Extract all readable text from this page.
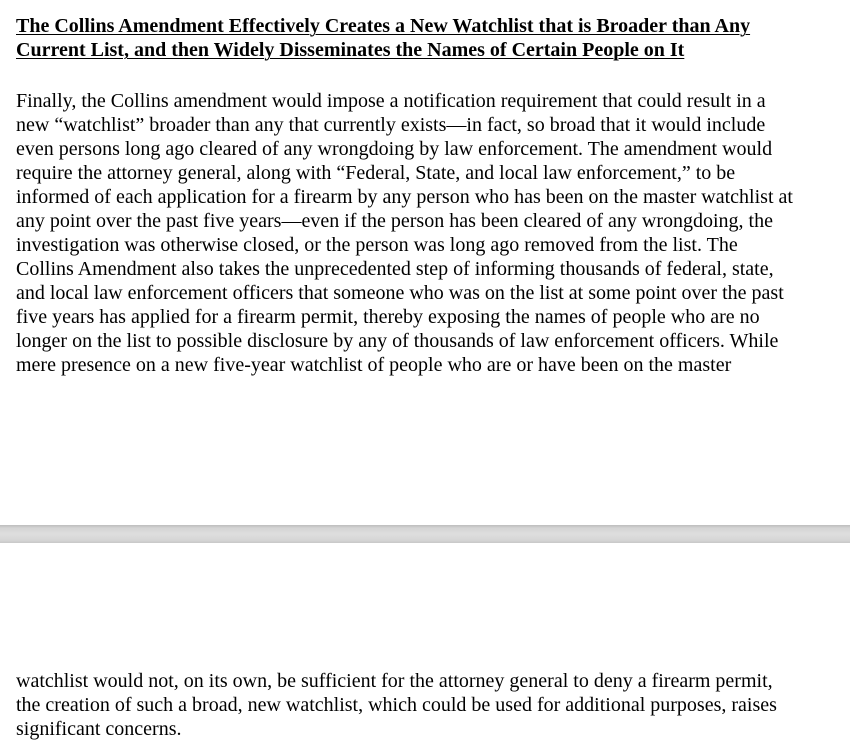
The Collins Amendment Effectively Creates a New Watchlist that is Broader than Any
Current List, and then Widely Disseminates the Names of Certain People on It

Finally, the Collins amendment would impose a notification requirement that could result in a
new “watchlist” broader than any that currently exists—in fact, so broad that it would include
even persons long ago cleared of any wrongdoing by law enforcement. The amendment would
require the attorney general, along with “Federal, State, and local law enforcement,” to be
informed of each application for a firearm by any person who has been on the master watchlist at
any point over the past five years—even if the person has been cleared of any wrongdoing, the
investigation was otherwise closed, or the person was long ago removed from the list. The
Collins Amendment also takes the unprecedented step of informing thousands of federal, state,
and local law enforcement officers that someone who was on the list at some point over the past
five years has applied for a firearm permit, thereby exposing the names of people who are no
longer on the list to possible disclosure by any of thousands of law enforcement officers. While
mere presence on a new five-year watchlist of people who are or have been on the master

watchlist would not, on its own, be sufficient for the attorney general to deny a firearm permit,
the creation of such a broad, new watchlist, which could be used for additional purposes, raises
significant concerns.
